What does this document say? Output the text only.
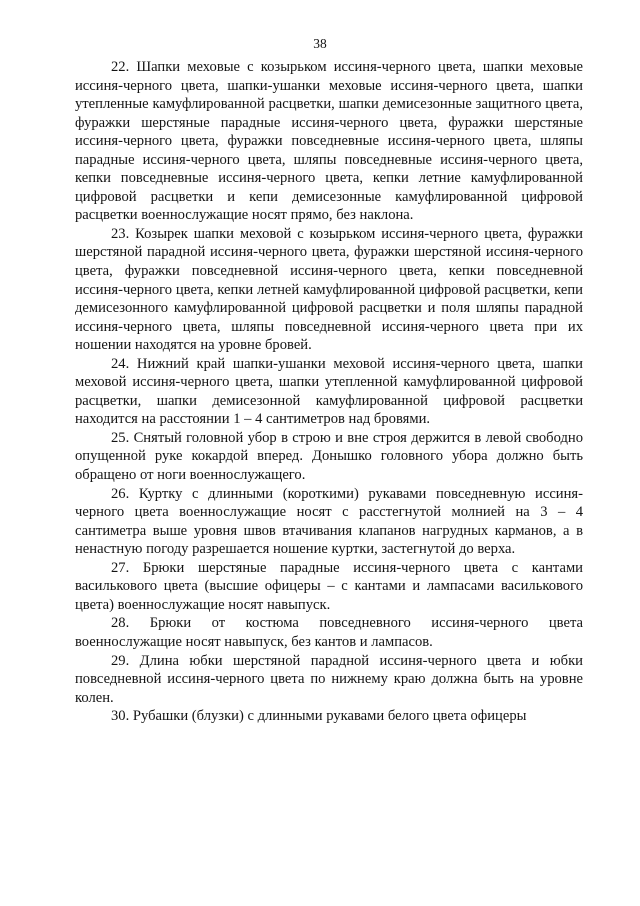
38

22. Шапки меховые с козырьком иссиня-черного цвета, шапки меховые иссиня-черного цвета, шапки-ушанки меховые иссиня-черного цвета, шапки утепленные камуфлированной расцветки, шапки демисезонные защитного цвета, фуражки шерстяные парадные иссиня-черного цвета, фуражки шерстяные иссиня-черного цвета, фуражки повседневные иссиня-черного цвета, шляпы парадные иссиня-черного цвета, шляпы повседневные иссиня-черного цвета, кепки повседневные иссиня-черного цвета, кепки летние камуфлированной цифровой расцветки и кепи демисезонные камуфлированной цифровой расцветки военнослужащие носят прямо, без наклона.

23. Козырек шапки меховой с козырьком иссиня-черного цвета, фуражки шерстяной парадной иссиня-черного цвета, фуражки шерстяной иссиня-черного цвета, фуражки повседневной иссиня-черного цвета, кепки повседневной иссиня-черного цвета, кепки летней камуфлированной цифровой расцветки, кепи демисезонного камуфлированной цифровой расцветки и поля шляпы парадной иссиня-черного цвета, шляпы повседневной иссиня-черного цвета при их ношении находятся на уровне бровей.

24. Нижний край шапки-ушанки меховой иссиня-черного цвета, шапки меховой иссиня-черного цвета, шапки утепленной камуфлированной цифровой расцветки, шапки демисезонной камуфлированной цифровой расцветки находится на расстоянии 1 – 4 сантиметров над бровями.

25. Снятый головной убор в строю и вне строя держится в левой свободно опущенной руке кокардой вперед. Донышко головного убора должно быть обращено от ноги военнослужащего.

26. Куртку с длинными (короткими) рукавами повседневную иссиня-черного цвета военнослужащие носят с расстегнутой молнией на 3 – 4 сантиметра выше уровня швов втачивания клапанов нагрудных карманов, а в ненастную погоду разрешается ношение куртки, застегнутой до верха.

27. Брюки шерстяные парадные иссиня-черного цвета с кантами василькового цвета (высшие офицеры – с кантами и лампасами василькового цвета) военнослужащие носят навыпуск.

28. Брюки от костюма повседневного иссиня-черного цвета военнослужащие носят навыпуск, без кантов и лампасов.

29. Длина юбки шерстяной парадной иссиня-черного цвета и юбки повседневной иссиня-черного цвета по нижнему краю должна быть на уровне колен.

30. Рубашки (блузки) с длинными рукавами белого цвета офицеры
